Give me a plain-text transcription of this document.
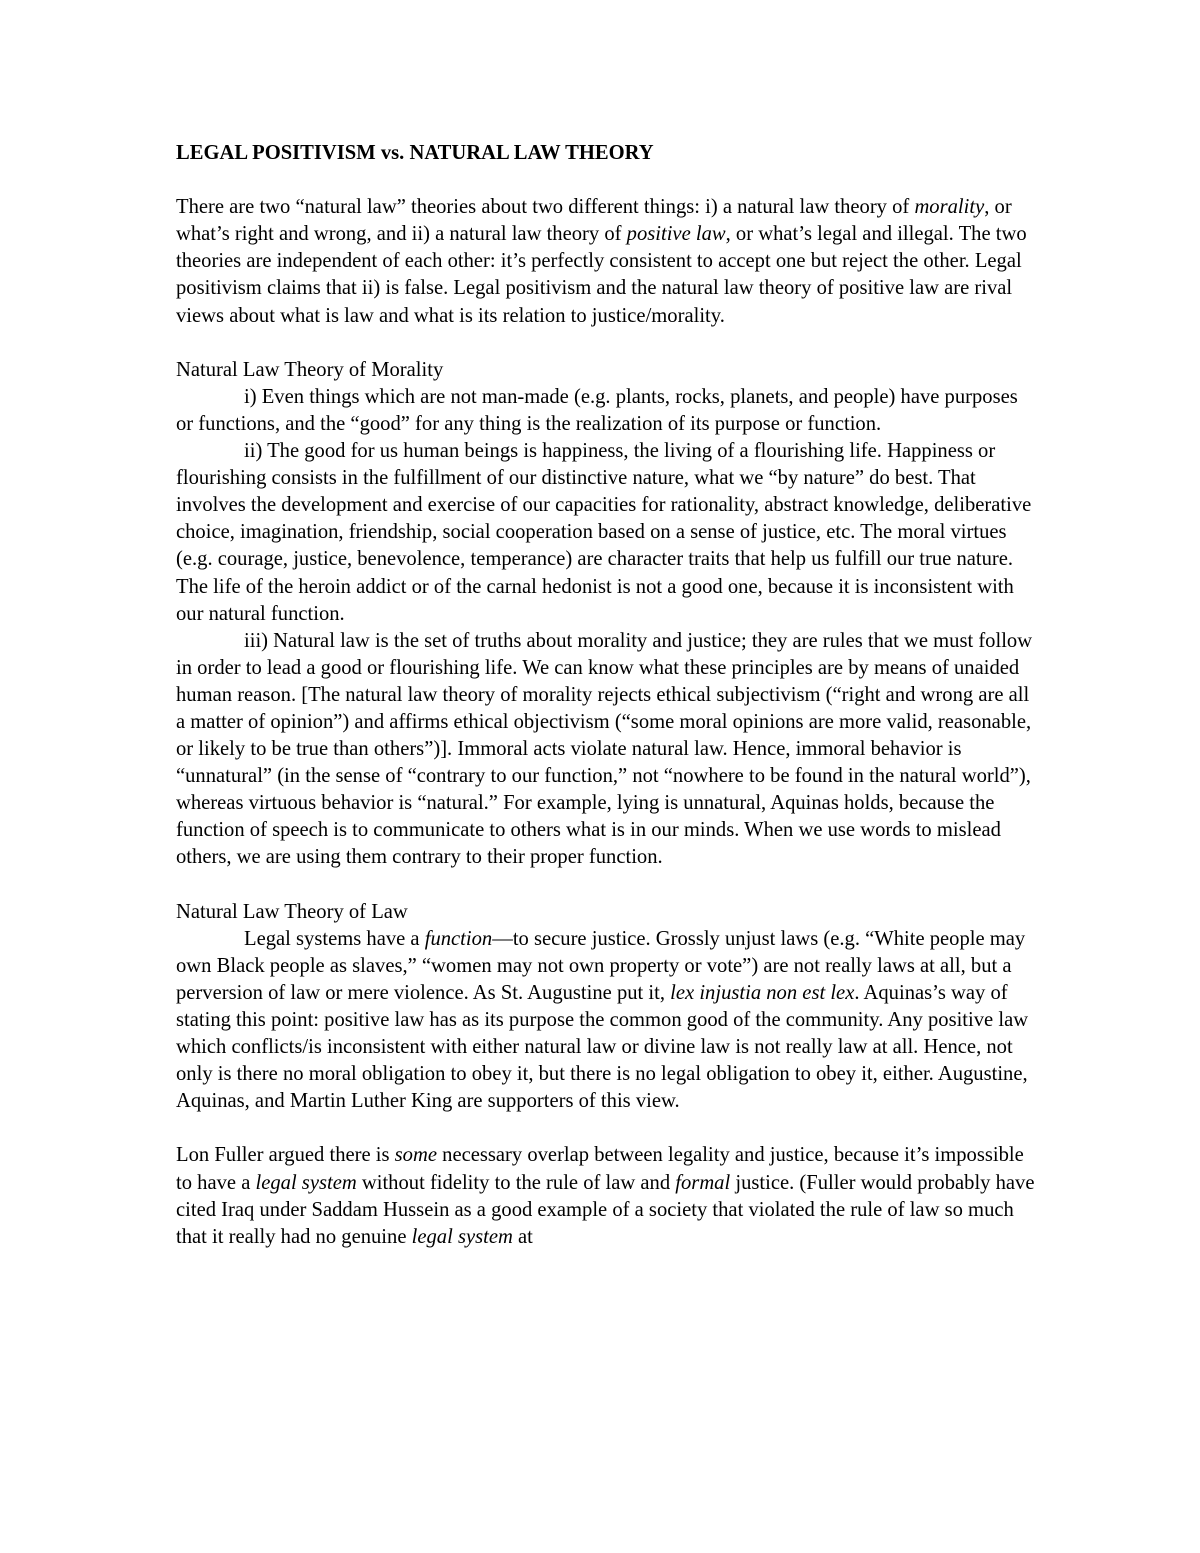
LEGAL POSITIVISM vs. NATURAL LAW THEORY

There are two “natural law” theories about two different things: i) a natural law theory of morality, or what’s right and wrong, and ii) a natural law theory of positive law, or what’s legal and illegal. The two theories are independent of each other: it’s perfectly consistent to accept one but reject the other. Legal positivism claims that ii) is false. Legal positivism and the natural law theory of positive law are rival views about what is law and what is its relation to justice/morality.

Natural Law Theory of Morality

i) Even things which are not man-made (e.g. plants, rocks, planets, and people) have purposes or functions, and the “good” for any thing is the realization of its purpose or function.

ii) The good for us human beings is happiness, the living of a flourishing life. Happiness or flourishing consists in the fulfillment of our distinctive nature, what we “by nature” do best. That involves the development and exercise of our capacities for rationality, abstract knowledge, deliberative choice, imagination, friendship, social cooperation based on a sense of justice, etc. The moral virtues (e.g. courage, justice, benevolence, temperance) are character traits that help us fulfill our true nature. The life of the heroin addict or of the carnal hedonist is not a good one, because it is inconsistent with our natural function.

iii) Natural law is the set of truths about morality and justice; they are rules that we must follow in order to lead a good or flourishing life. We can know what these principles are by means of unaided human reason. [The natural law theory of morality rejects ethical subjectivism (“right and wrong are all a matter of opinion”) and affirms ethical objectivism (“some moral opinions are more valid, reasonable, or likely to be true than others”)]. Immoral acts violate natural law. Hence, immoral behavior is “unnatural” (in the sense of “contrary to our function,” not “nowhere to be found in the natural world”), whereas virtuous behavior is “natural.” For example, lying is unnatural, Aquinas holds, because the function of speech is to communicate to others what is in our minds. When we use words to mislead others, we are using them contrary to their proper function.

Natural Law Theory of Law

Legal systems have a function—to secure justice. Grossly unjust laws (e.g. “White people may own Black people as slaves,” “women may not own property or vote”) are not really laws at all, but a perversion of law or mere violence. As St. Augustine put it, lex injustia non est lex. Aquinas’s way of stating this point: positive law has as its purpose the common good of the community. Any positive law which conflicts/is inconsistent with either natural law or divine law is not really law at all. Hence, not only is there no moral obligation to obey it, but there is no legal obligation to obey it, either. Augustine, Aquinas, and Martin Luther King are supporters of this view.

Lon Fuller argued there is some necessary overlap between legality and justice, because it’s impossible to have a legal system without fidelity to the rule of law and formal justice. (Fuller would probably have cited Iraq under Saddam Hussein as a good example of a society that violated the rule of law so much that it really had no genuine legal system at
